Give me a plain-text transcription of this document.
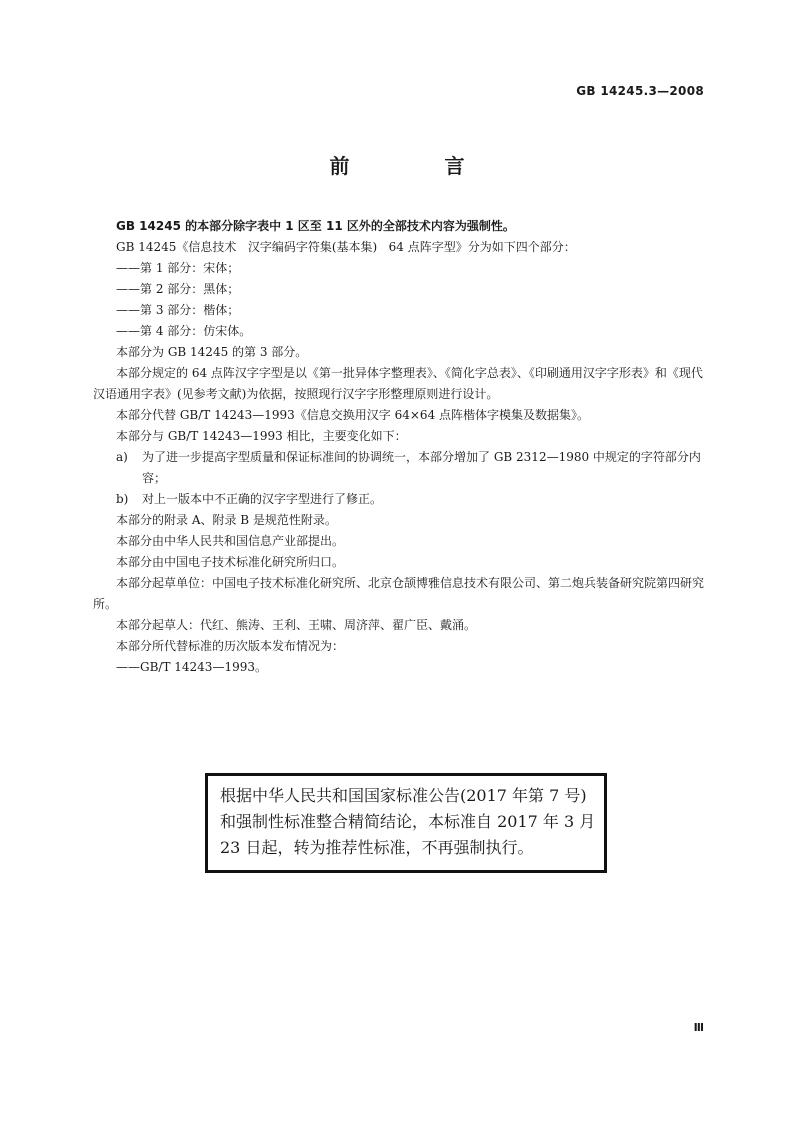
GB 14245.3—2008
前 言

GB 14245 的本部分除字表中 1 区至 11 区外的全部技术内容为强制性。

GB 14245《信息技术   汉字编码字符集(基本集)   64 点阵字型》分为如下四个部分：

——第 1 部分：宋体；

——第 2 部分：黑体；

——第 3 部分：楷体；

——第 4 部分：仿宋体。

本部分为 GB 14245 的第 3 部分。

本部分规定的 64 点阵汉字字型是以《第一批异体字整理表》、《简化字总表》、《印刷通用汉字字形表》和《现代汉语通用字表》(见参考文献)为依据，按照现行汉字字形整理原则进行设计。

本部分代替 GB/T 14243—1993《信息交换用汉字 64×64 点阵楷体字模集及数据集》。

本部分与 GB/T 14243—1993 相比，主要变化如下：

a)	为了进一步提高字型质量和保证标准间的协调统一，本部分增加了 GB 2312—1980 中规定的字符部分内容；
b)	对上一版本中不正确的汉字字型进行了修正。

本部分的附录 A、附录 B 是规范性附录。

本部分由中华人民共和国信息产业部提出。

本部分由中国电子技术标准化研究所归口。

本部分起草单位：中国电子技术标准化研究所、北京仓颉博雅信息技术有限公司、第二炮兵装备研究院第四研究所。

本部分起草人：代红、熊涛、王利、王啸、周济萍、翟广臣、戴涌。

本部分所代替标准的历次版本发布情况为：

——GB/T 14243—1993。

根据中华人民共和国国家标准公告(2017 年第 7 号)和强制性标准整合精简结论，本标准自 2017 年 3 月 23 日起，转为推荐性标准，不再强制执行。
Ⅲ
